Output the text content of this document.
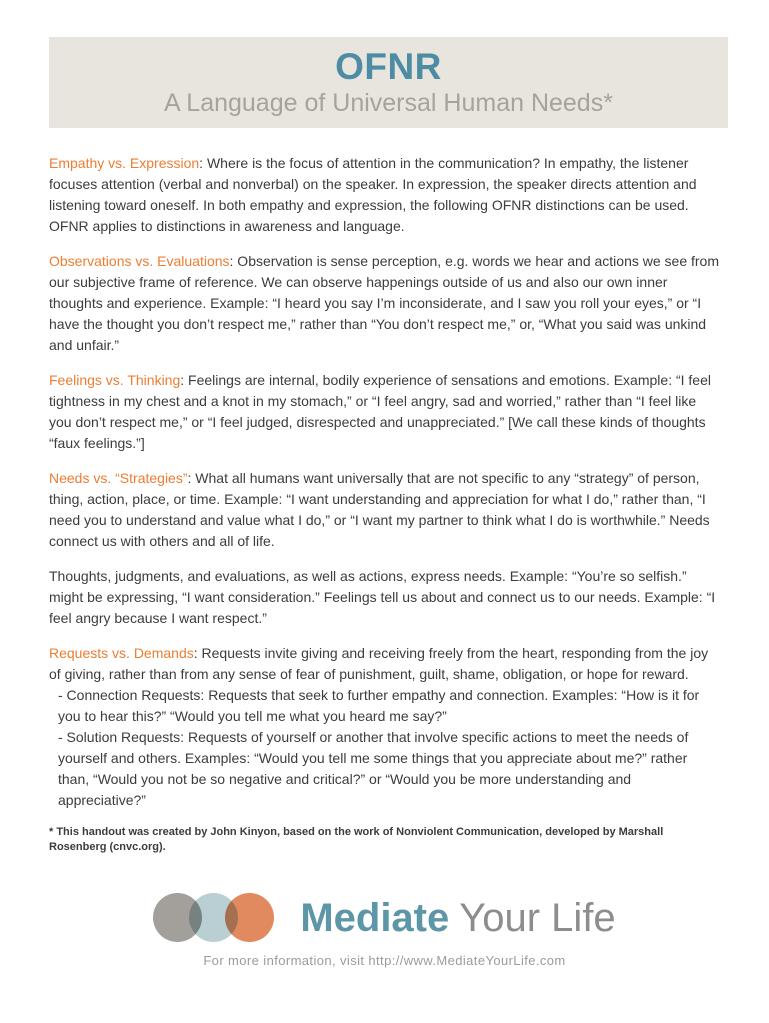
OFNR
A Language of Universal Human Needs*
Empathy vs. Expression: Where is the focus of attention in the communication? In empathy, the listener focuses attention (verbal and nonverbal) on the speaker. In expression, the speaker directs attention and listening toward oneself. In both empathy and expression, the following OFNR distinctions can be used. OFNR applies to distinctions in awareness and language.
Observations vs. Evaluations: Observation is sense perception, e.g. words we hear and actions we see from our subjective frame of reference. We can observe happenings outside of us and also our own inner thoughts and experience. Example: “I heard you say I’m inconsiderate, and I saw you roll your eyes,” or “I have the thought you don’t respect me,” rather than “You don’t respect me,” or, “What you said was unkind and unfair.”
Feelings vs. Thinking: Feelings are internal, bodily experience of sensations and emotions. Example: “I feel tightness in my chest and a knot in my stomach,” or “I feel angry, sad and worried,” rather than “I feel like you don’t respect me,” or “I feel judged, disrespected and unappreciated.” [We call these kinds of thoughts “faux feelings.”]
Needs vs. “Strategies”: What all humans want universally that are not specific to any “strategy” of person, thing, action, place, or time. Example: “I want understanding and appreciation for what I do,” rather than, “I need you to understand and value what I do,” or “I want my partner to think what I do is worthwhile.” Needs connect us with others and all of life.
Thoughts, judgments, and evaluations, as well as actions, express needs. Example: “You’re so selfish.” might be expressing, “I want consideration.” Feelings tell us about and connect us to our needs. Example: “I feel angry because I want respect.”
Requests vs. Demands: Requests invite giving and receiving freely from the heart, responding from the joy of giving, rather than from any sense of fear of punishment, guilt, shame, obligation, or hope for reward.
- Connection Requests: Requests that seek to further empathy and connection. Examples: “How is it for you to hear this?” “Would you tell me what you heard me say?”
- Solution Requests: Requests of yourself or another that involve specific actions to meet the needs of yourself and others. Examples: “Would you tell me some things that you appreciate about me?” rather than, “Would you not be so negative and critical?” or “Would you be more understanding and appreciative?”
* This handout was created by John Kinyon, based on the work of Nonviolent Communication, developed by Marshall Rosenberg (cnvc.org).
Mediate Your Life
For more information, visit http://www.MediateYourLife.com
